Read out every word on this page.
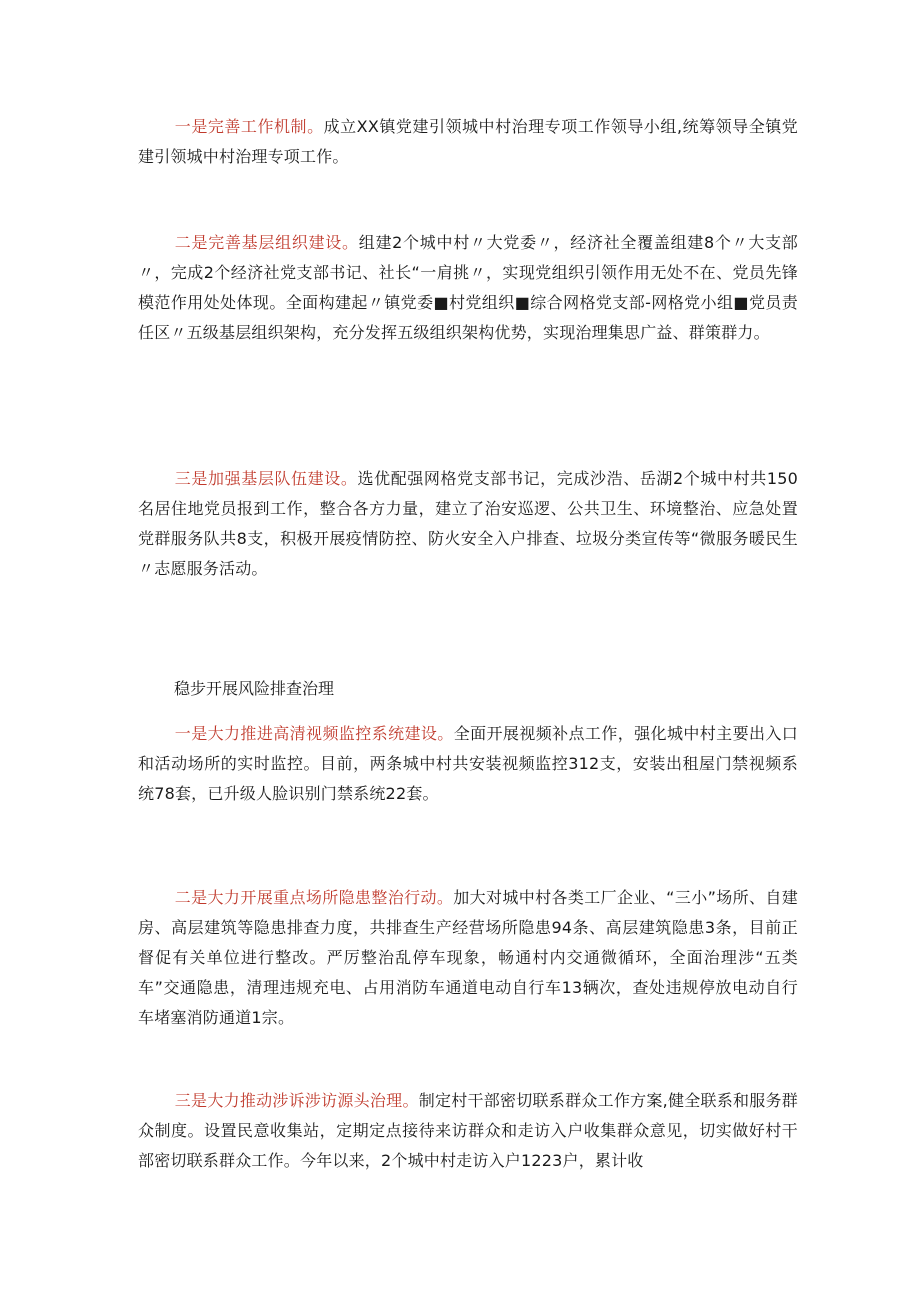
一是完善工作机制。成立XX镇党建引领城中村治理专项工作领导小组,统筹领导全镇党建引领城中村治理专项工作。

二是完善基层组织建设。组建2个城中村〃大党委〃，经济社全覆盖组建8个〃大支部〃，完成2个经济社党支部书记、社长“一肩挑〃，实现党组织引领作用无处不在、党员先锋模范作用处处体现。全面构建起〃镇党委■村党组织■综合网格党支部-网格党小组■党员责任区〃五级基层组织架构，充分发挥五级组织架构优势，实现治理集思广益、群策群力。

三是加强基层队伍建设。选优配强网格党支部书记，完成沙浩、岳湖2个城中村共150名居住地党员报到工作，整合各方力量，建立了治安巡逻、公共卫生、环境整治、应急处置党群服务队共8支，积极开展疫情防控、防火安全入户排查、垃圾分类宣传等“微服务暖民生〃志愿服务活动。

稳步开展风险排查治理

一是大力推进高清视频监控系统建设。全面开展视频补点工作，强化城中村主要出入口和活动场所的实时监控。目前，两条城中村共安装视频监控312支，安装出租屋门禁视频系统78套，已升级人脸识别门禁系统22套。

二是大力开展重点场所隐患整治行动。加大对城中村各类工厂企业、“三小”场所、自建房、高层建筑等隐患排查力度，共排查生产经营场所隐患94条、高层建筑隐患3条，目前正督促有关单位进行整改。严厉整治乱停车现象，畅通村内交通微循环，全面治理涉“五类车”交通隐患，清理违规充电、占用消防车通道电动自行车13辆次，查处违规停放电动自行车堵塞消防通道1宗。

三是大力推动涉诉涉访源头治理。制定村干部密切联系群众工作方案,健全联系和服务群众制度。设置民意收集站，定期定点接待来访群众和走访入户收集群众意见，切实做好村干部密切联系群众工作。今年以来，2个城中村走访入户1223户，累计收
